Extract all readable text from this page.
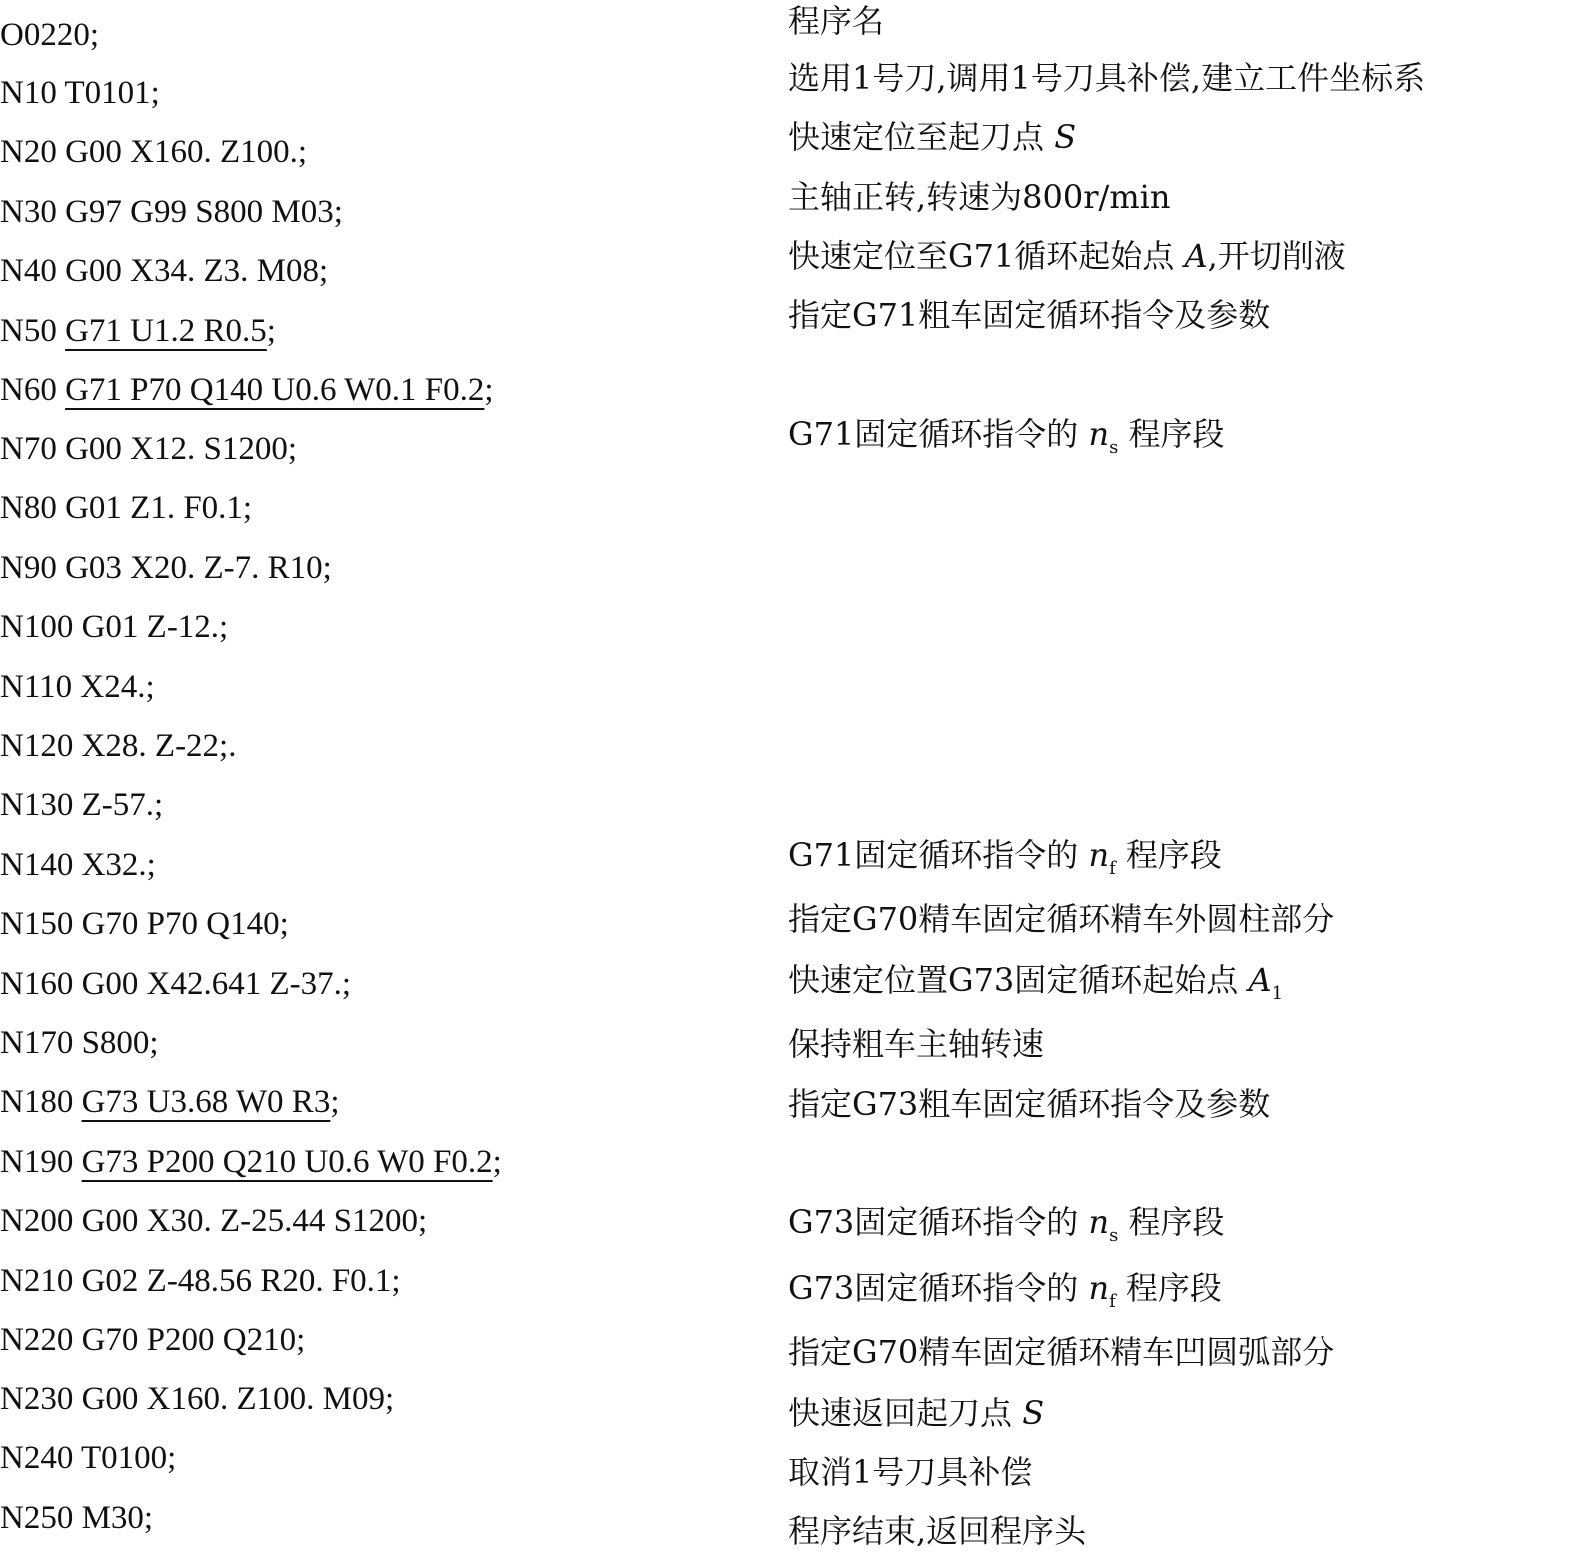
O0220;
N10 T0101;
N20 G00 X160. Z100.;
N30 G97 G99 S800 M03;
N40 G00 X34. Z3. M08;
N50 G71 U1.2 R0.5;
N60 G71 P70 Q140 U0.6 W0.1 F0.2;
N70 G00 X12. S1200;
N80 G01 Z1. F0.1;
N90 G03 X20. Z-7. R10;
N100 G01 Z-12.;
N110 X24.;
N120 X28. Z-22;.
N130 Z-57.;
N140 X32.;
N150 G70 P70 Q140;
N160 G00 X42.641 Z-37.;
N170 S800;
N180 G73 U3.68 W0 R3;
N190 G73 P200 Q210 U0.6 W0 F0.2;
N200 G00 X30. Z-25.44 S1200;
N210 G02 Z-48.56 R20. F0.1;
N220 G70 P200 Q210;
N230 G00 X160. Z100. M09;
N240 T0100;
N250 M30;
程序名
选用1号刀,调用1号刀具补偿,建立工件坐标系
快速定位至起刀点 S
主轴正转,转速为800r/min
快速定位至G71循环起始点 A,开切削液
指定G71粗车固定循环指令及参数
G71固定循环指令的 $n_s$ 程序段
G71固定循环指令的 $n_f$ 程序段
指定G70精车固定循环精车外圆柱部分
快速定位置G73固定循环起始点 $A_1$
保持粗车主轴转速
指定G73粗车固定循环指令及参数
G73固定循环指令的 $n_s$ 程序段
G73固定循环指令的 $n_f$ 程序段
指定G70精车固定循环精车凹圆弧部分
快速返回起刀点 S
取消1号刀具补偿
程序结束,返回程序头
